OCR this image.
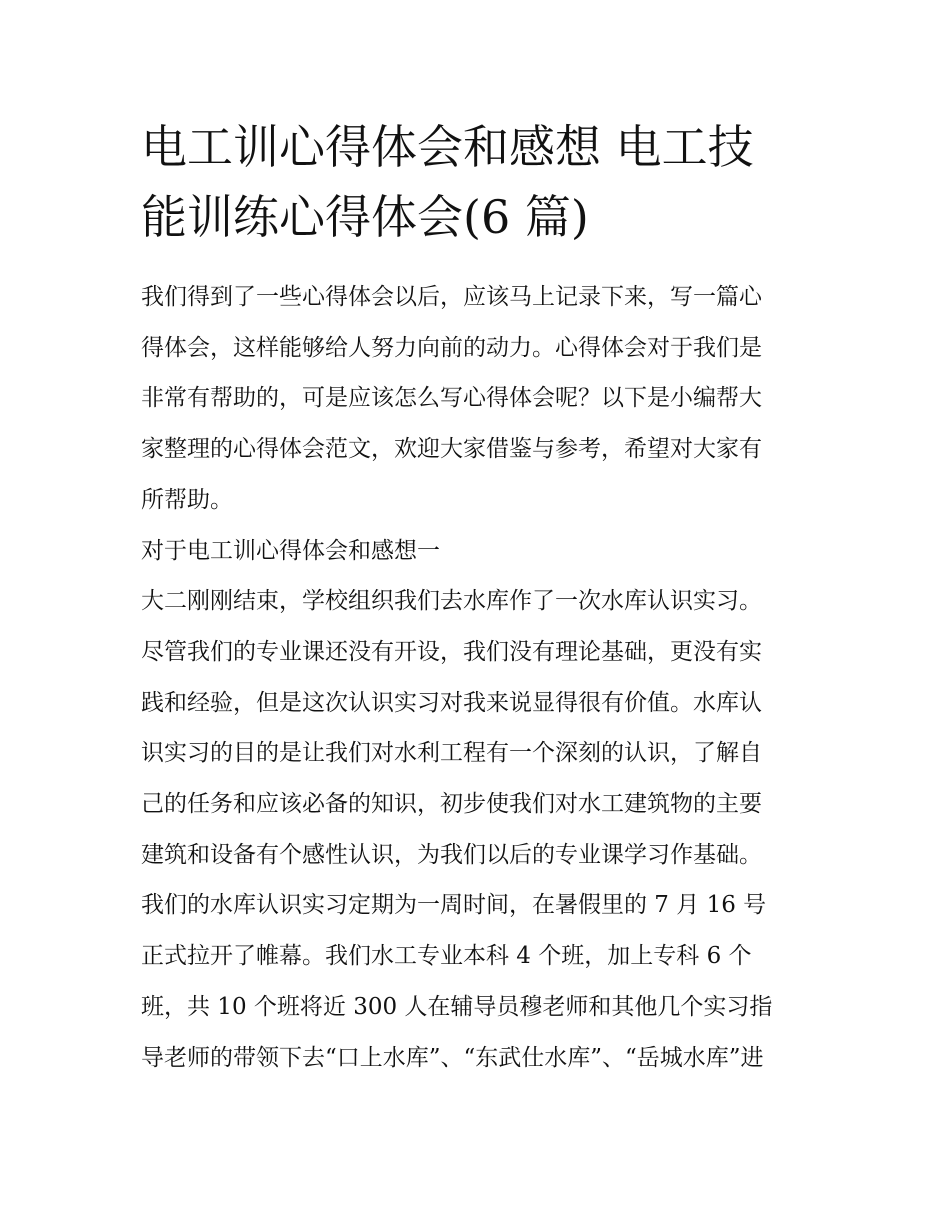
电工训心得体会和感想 电工技
能训练心得体会(6 篇)
我们得到了一些心得体会以后，应该马上记录下来，写一篇心
得体会，这样能够给人努力向前的动力。心得体会对于我们是
非常有帮助的，可是应该怎么写心得体会呢？以下是小编帮大
家整理的心得体会范文，欢迎大家借鉴与参考，希望对大家有
所帮助。
对于电工训心得体会和感想一
大二刚刚结束，学校组织我们去水库作了一次水库认识实习。
尽管我们的专业课还没有开设，我们没有理论基础，更没有实
践和经验，但是这次认识实习对我来说显得很有价值。水库认
识实习的目的是让我们对水利工程有一个深刻的认识，了解自
己的任务和应该必备的知识，初步使我们对水工建筑物的主要
建筑和设备有个感性认识，为我们以后的专业课学习作基础。
我们的水库认识实习定期为一周时间，在暑假里的 7 月 16 号
正式拉开了帷幕。我们水工专业本科 4 个班，加上专科 6 个
班，共 10 个班将近 300 人在辅导员穆老师和其他几个实习指
导老师的带领下去“口上水库”、“东武仕水库”、“岳城水库”进
